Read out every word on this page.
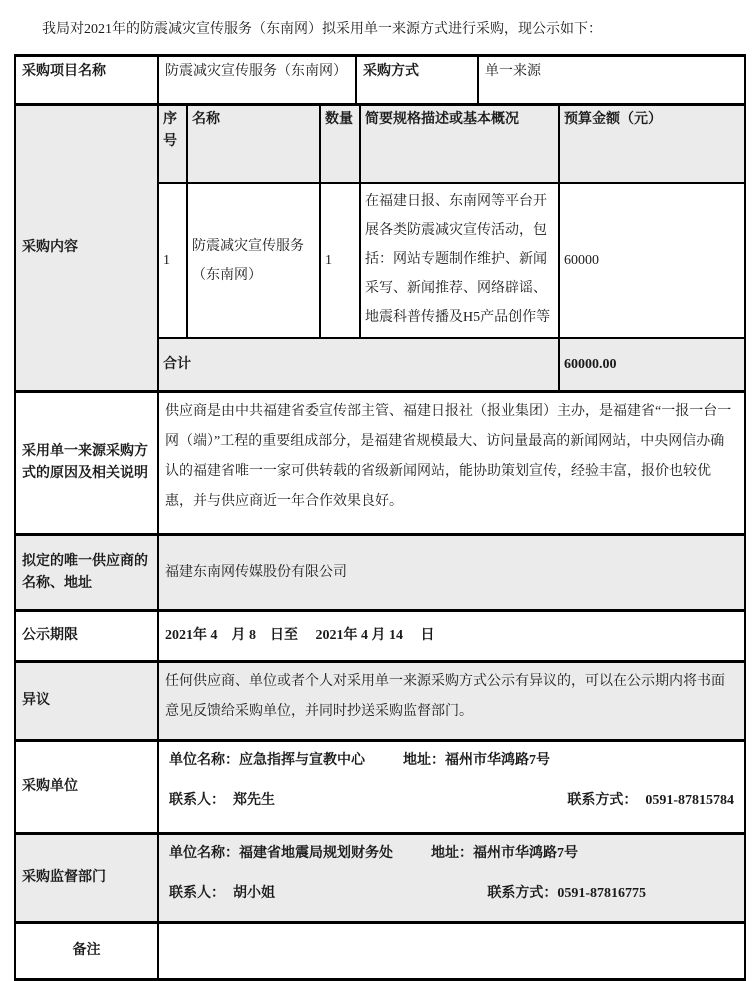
　　我局对2021年的防震减灾宣传服务（东南网）拟采用单一来源方式进行采购，现公示如下：

采购项目名称	防震减灾宣传服务（东南网）	采购方式	单一来源
采购内容	
序号	名称	数量	简要规格描述或基本概况	预算金额（元）
1	防震减灾宣传服务（东南网）	1	在福建日报、东南网等平台开展各类防震减灾宣传活动，包括：网站专题制作维护、新闻采写、新闻推荐、网络辟谣、地震科普传播及H5产品创作等	60000
合计	60000.00

采用单一来源采购方式的原因及相关说明	供应商是由中共福建省委宣传部主管、福建日报社（报业集团）主办，是福建省“一报一台一网（端）”工程的重要组成部分，是福建省规模最大、访问量最高的新闻网站，中央网信办确认的福建省唯一一家可供转载的省级新闻网站，能协助策划宣传，经验丰富，报价也较优惠，并与供应商近一年合作效果良好。
拟定的唯一供应商的名称、地址	福建东南网传媒股份有限公司
公示期限	2021年 4　月 8　日至　 2021年 4 月 14　 日
异议	任何供应商、单位或者个人对采用单一来源采购方式公示有异议的，可以在公示期内将书面意见反馈给采购单位，并同时抄送采购监督部门。
采购单位	
单位名称：应急指挥与宣教中心	地址：福州市华鸿路7号
联系人： 郑先生	联系方式： 0591-87815784

采购监督部门	
单位名称：福建省地震局规划财务处	地址：福州市华鸿路7号
联系人： 胡小姐	联系方式：0591-87816775

备注	
